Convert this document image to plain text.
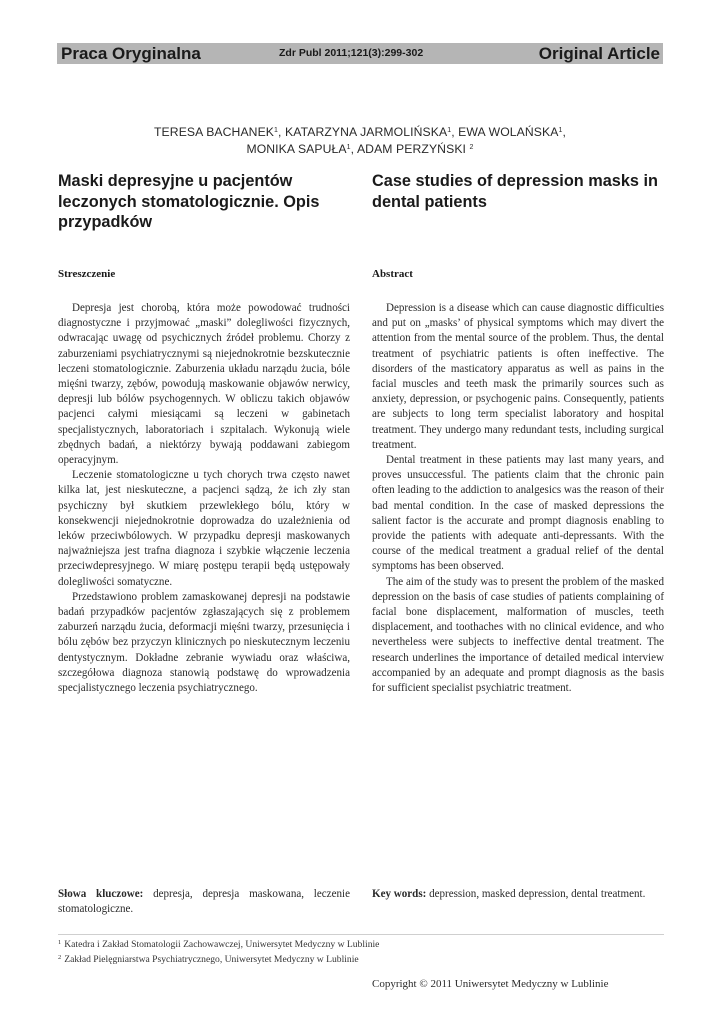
Praca Oryginalna	Zdr Publ 2011;121(3):299-302	Original Article
TERESA BACHANEK$^1$, KATARZYNA JARMOLIŃSKA$^1$, EWA WOLAŃSKA$^1$,
MONIKA SAPUŁA$^1$, ADAM PERZYŃSKI $^2$
Maski depresyjne u pacjentów leczonych stomatologicznie. Opis przypadków
Case studies of depression masks in dental patients
Streszczenie	Abstract

Depresja jest chorobą, która może powodować trudności diagnostyczne i przyjmować „maski” dolegliwości fizycznych, odwracając uwagę od psychicznych źródeł problemu. Chorzy z zaburzeniami psychiatrycznymi są niejednokrotnie bezskutecznie leczeni stomatologicznie. Zaburzenia układu narządu żucia, bóle mięśni twarzy, zębów, powodują maskowanie objawów nerwicy, depresji lub bólów psychogennych. W obliczu takich objawów pacjenci całymi miesiącami są leczeni w gabinetach specjalistycznych, laboratoriach i szpitalach. Wykonują wiele zbędnych badań, a niektórzy bywają poddawani zabiegom operacyjnym.

Leczenie stomatologiczne u tych chorych trwa często nawet kilka lat, jest nieskuteczne, a pacjenci sądzą, że ich zły stan psychiczny był skutkiem przewlekłego bólu, który w konsekwencji niejednokrotnie doprowadza do uzależnienia od leków przeciwbólowych. W przypadku depresji maskowanych najważniejsza jest trafna diagnoza i szybkie włączenie leczenia przeciwdepresyjnego. W miarę postępu terapii będą ustępowały dolegliwości somatyczne.

Przedstawiono problem zamaskowanej depresji na podstawie badań przypadków pacjentów zgłaszających się z problemem zaburzeń narządu żucia, deformacji mięśni twarzy, przesunięcia i bólu zębów bez przyczyn klinicznych po nieskutecznym leczeniu dentystycznym. Dokładne zebranie wywiadu oraz właściwa, szczegółowa diagnoza stanowią podstawę do wprowadzenia specjalistycznego leczenia psychiatrycznego.

Depression is a disease which can cause diagnostic difficulties and put on „masks’ of physical symptoms which may divert the attention from the mental source of the problem. Thus, the dental treatment of psychiatric patients is often ineffective. The disorders of the masticatory apparatus as well as pains in the facial muscles and teeth mask the primarily sources such as anxiety, depression, or psychogenic pains. Consequently, patients are subjects to long term specialist laboratory and hospital treatment. They undergo many redundant tests, including surgical treatment.

Dental treatment in these patients may last many years, and proves unsuccessful. The patients claim that the chronic pain often leading to the addiction to analgesics was the reason of their bad mental condition. In the case of masked depressions the salient factor is the accurate and prompt diagnosis enabling to provide the patients with adequate anti-depressants. With the course of the medical treatment a gradual relief of the dental symptoms has been observed.

The aim of the study was to present the problem of the masked depression on the basis of case studies of patients complaining of facial bone displacement, malformation of muscles, teeth displacement, and toothaches with no clinical evidence, and who nevertheless were subjects to ineffective dental treatment. The research underlines the importance of detailed medical interview accompanied by an adequate and prompt diagnosis as the basis for sufficient specialist psychiatric treatment.

Słowa kluczowe: depresja, depresja maskowana, leczenie stomatologiczne.
Key words: depression, masked depression, dental treatment.
$^1$ Katedra i Zakład Stomatologii Zachowawczej, Uniwersytet Medyczny w Lublinie
$^2$ Zakład Pielęgniarstwa Psychiatrycznego, Uniwersytet Medyczny w Lublinie
Copyright © 2011 Uniwersytet Medyczny w Lublinie
